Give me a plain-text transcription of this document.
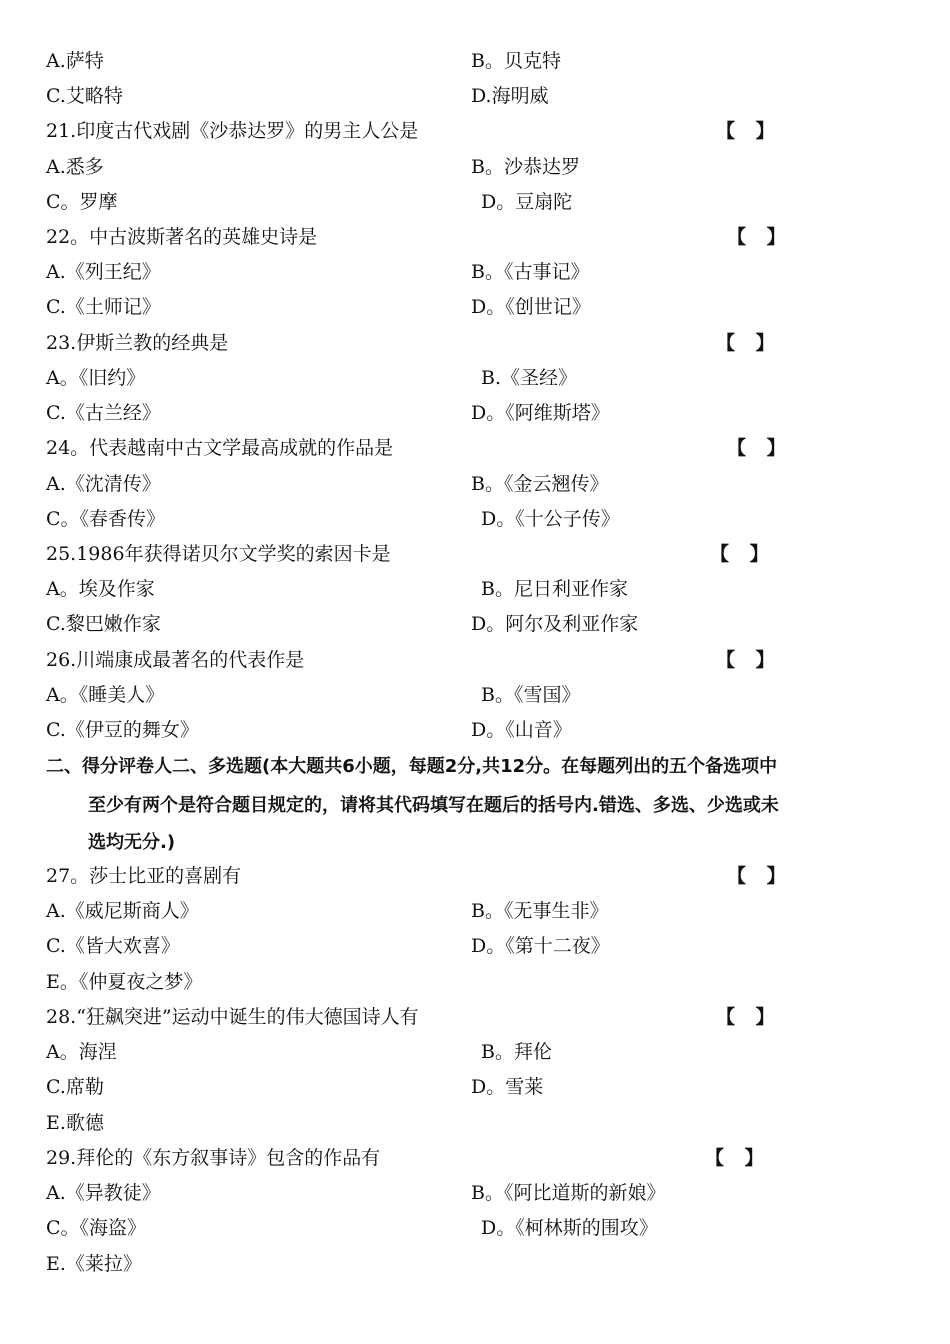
A.萨特	B。贝克特
C.艾略特	D.海明威
21.印度古代戏剧《沙恭达罗》的男主人公是	【 】
A.悉多	B。沙恭达罗
C。罗摩	D。豆扇陀
22。中古波斯著名的英雄史诗是	【 】
A.《列王纪》	B。《古事记》
C.《土师记》	D。《创世记》
23.伊斯兰教的经典是	【 】
A。《旧约》	B.《圣经》
C.《古兰经》	D。《阿维斯塔》
24。代表越南中古文学最高成就的作品是	【 】
A.《沈清传》	B。《金云翘传》
C。《春香传》	D。《十公子传》
25.1986年获得诺贝尔文学奖的索因卡是	【 】
A。埃及作家	B。尼日利亚作家
C.黎巴嫩作家	D。阿尔及利亚作家
26.川端康成最著名的代表作是	【 】
A。《睡美人》	B。《雪国》
C.《伊豆的舞女》	D。《山音》
二、得分评卷人二、多选题(本大题共6小题，每题2分,共12分。在每题列出的五个备选项中
至少有两个是符合题目规定的，请将其代码填写在题后的括号内.错选、多选、少选或未
选均无分.)
27。莎士比亚的喜剧有	【 】
A.《威尼斯商人》	B。《无事生非》
C.《皆大欢喜》	D。《第十二夜》
E。《仲夏夜之梦》
28.“狂飙突进”运动中诞生的伟大德国诗人有	【 】
A。海涅	B。拜伦
C.席勒	D。雪莱
E.歌德
29.拜伦的《东方叙事诗》包含的作品有	【 】
A.《异教徒》	B。《阿比道斯的新娘》
C。《海盗》	D。《柯林斯的围攻》
E.《莱拉》
